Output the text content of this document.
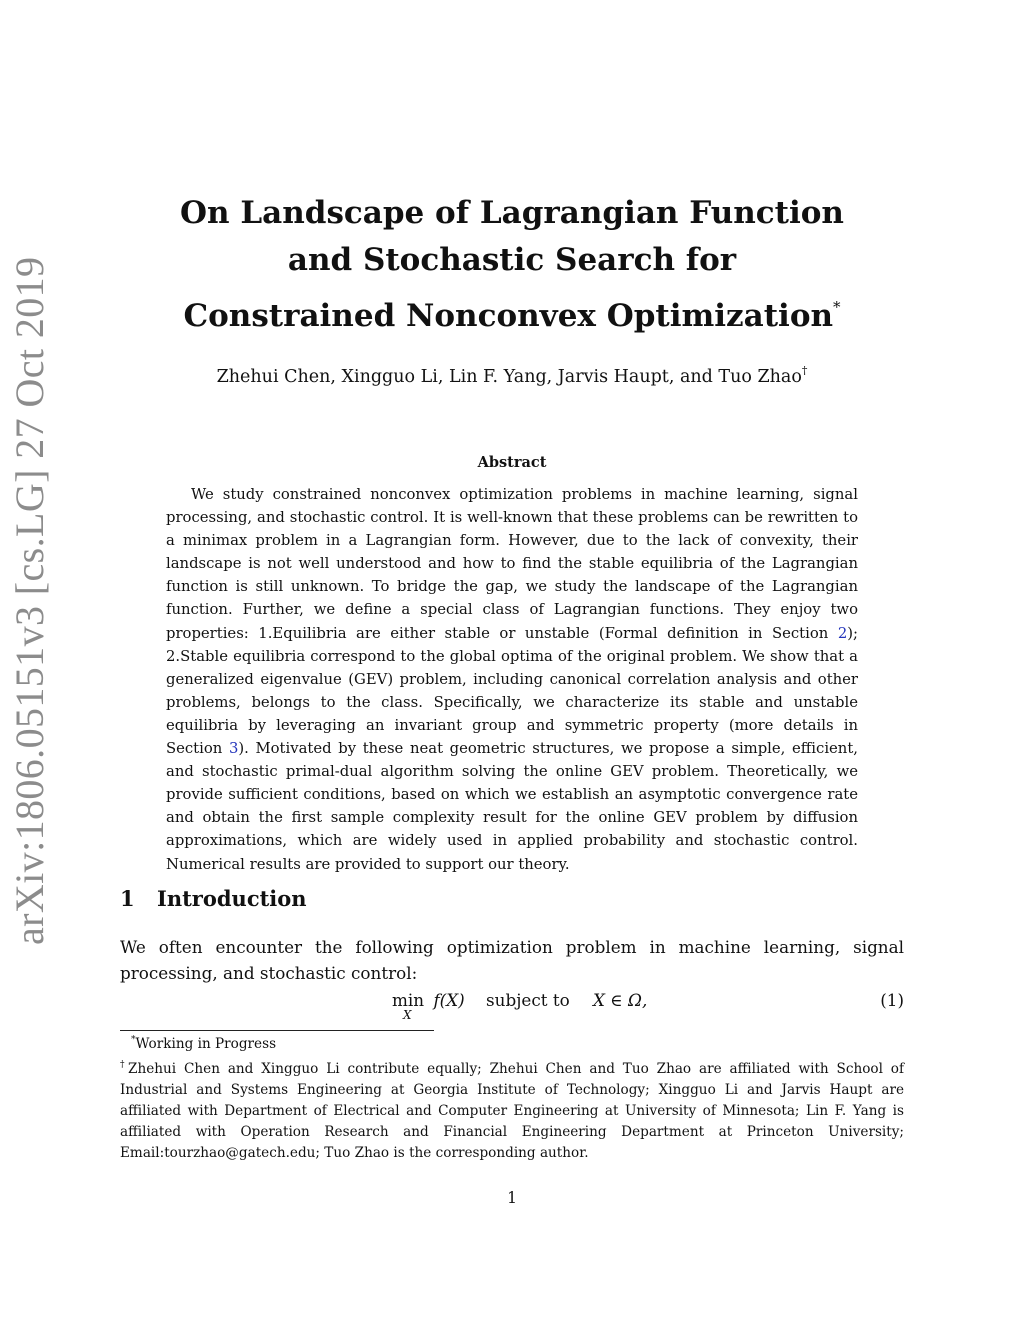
arXiv:1806.05151v3 [cs.LG] 27 Oct 2019
On Landscape of Lagrangian Function
and Stochastic Search for
Constrained Nonconvex Optimization*
Zhehui Chen, Xingguo Li, Lin F. Yang, Jarvis Haupt, and Tuo Zhao†
Abstract

We study constrained nonconvex optimization problems in machine learning, signal processing, and stochastic control. It is well-known that these problems can be rewritten to a minimax problem in a Lagrangian form. However, due to the lack of convexity, their landscape is not well understood and how to find the stable equilibria of the Lagrangian function is still unknown. To bridge the gap, we study the landscape of the Lagrangian function. Further, we define a special class of Lagrangian functions. They enjoy two properties: 1.Equilibria are either stable or unstable (Formal definition in Section 2); 2.Stable equilibria correspond to the global optima of the original problem. We show that a generalized eigenvalue (GEV) problem, including canonical correlation analysis and other problems, belongs to the class. Specifically, we characterize its stable and unstable equilibria by leveraging an invariant group and symmetric property (more details in Section 3). Motivated by these neat geometric structures, we propose a simple, efficient, and stochastic primal-dual algorithm solving the online GEV problem. Theoretically, we provide sufficient conditions, based on which we establish an asymptotic convergence rate and obtain the first sample complexity result for the online GEV problem by diffusion approximations, which are widely used in applied probability and stochastic control. Numerical results are provided to support our theory.

1 Introduction

We often encounter the following optimization problem in machine learning, signal processing, and stochastic control:

min
X
f(X) subject to X ∈ Ω,	(1)
*Working in Progress

†Zhehui Chen and Xingguo Li contribute equally; Zhehui Chen and Tuo Zhao are affiliated with School of Industrial and Systems Engineering at Georgia Institute of Technology; Xingguo Li and Jarvis Haupt are affiliated with Department of Electrical and Computer Engineering at University of Minnesota; Lin F. Yang is affiliated with Operation Research and Financial Engineering Department at Princeton University; Email:tourzhao@gatech.edu; Tuo Zhao is the corresponding author.

1
